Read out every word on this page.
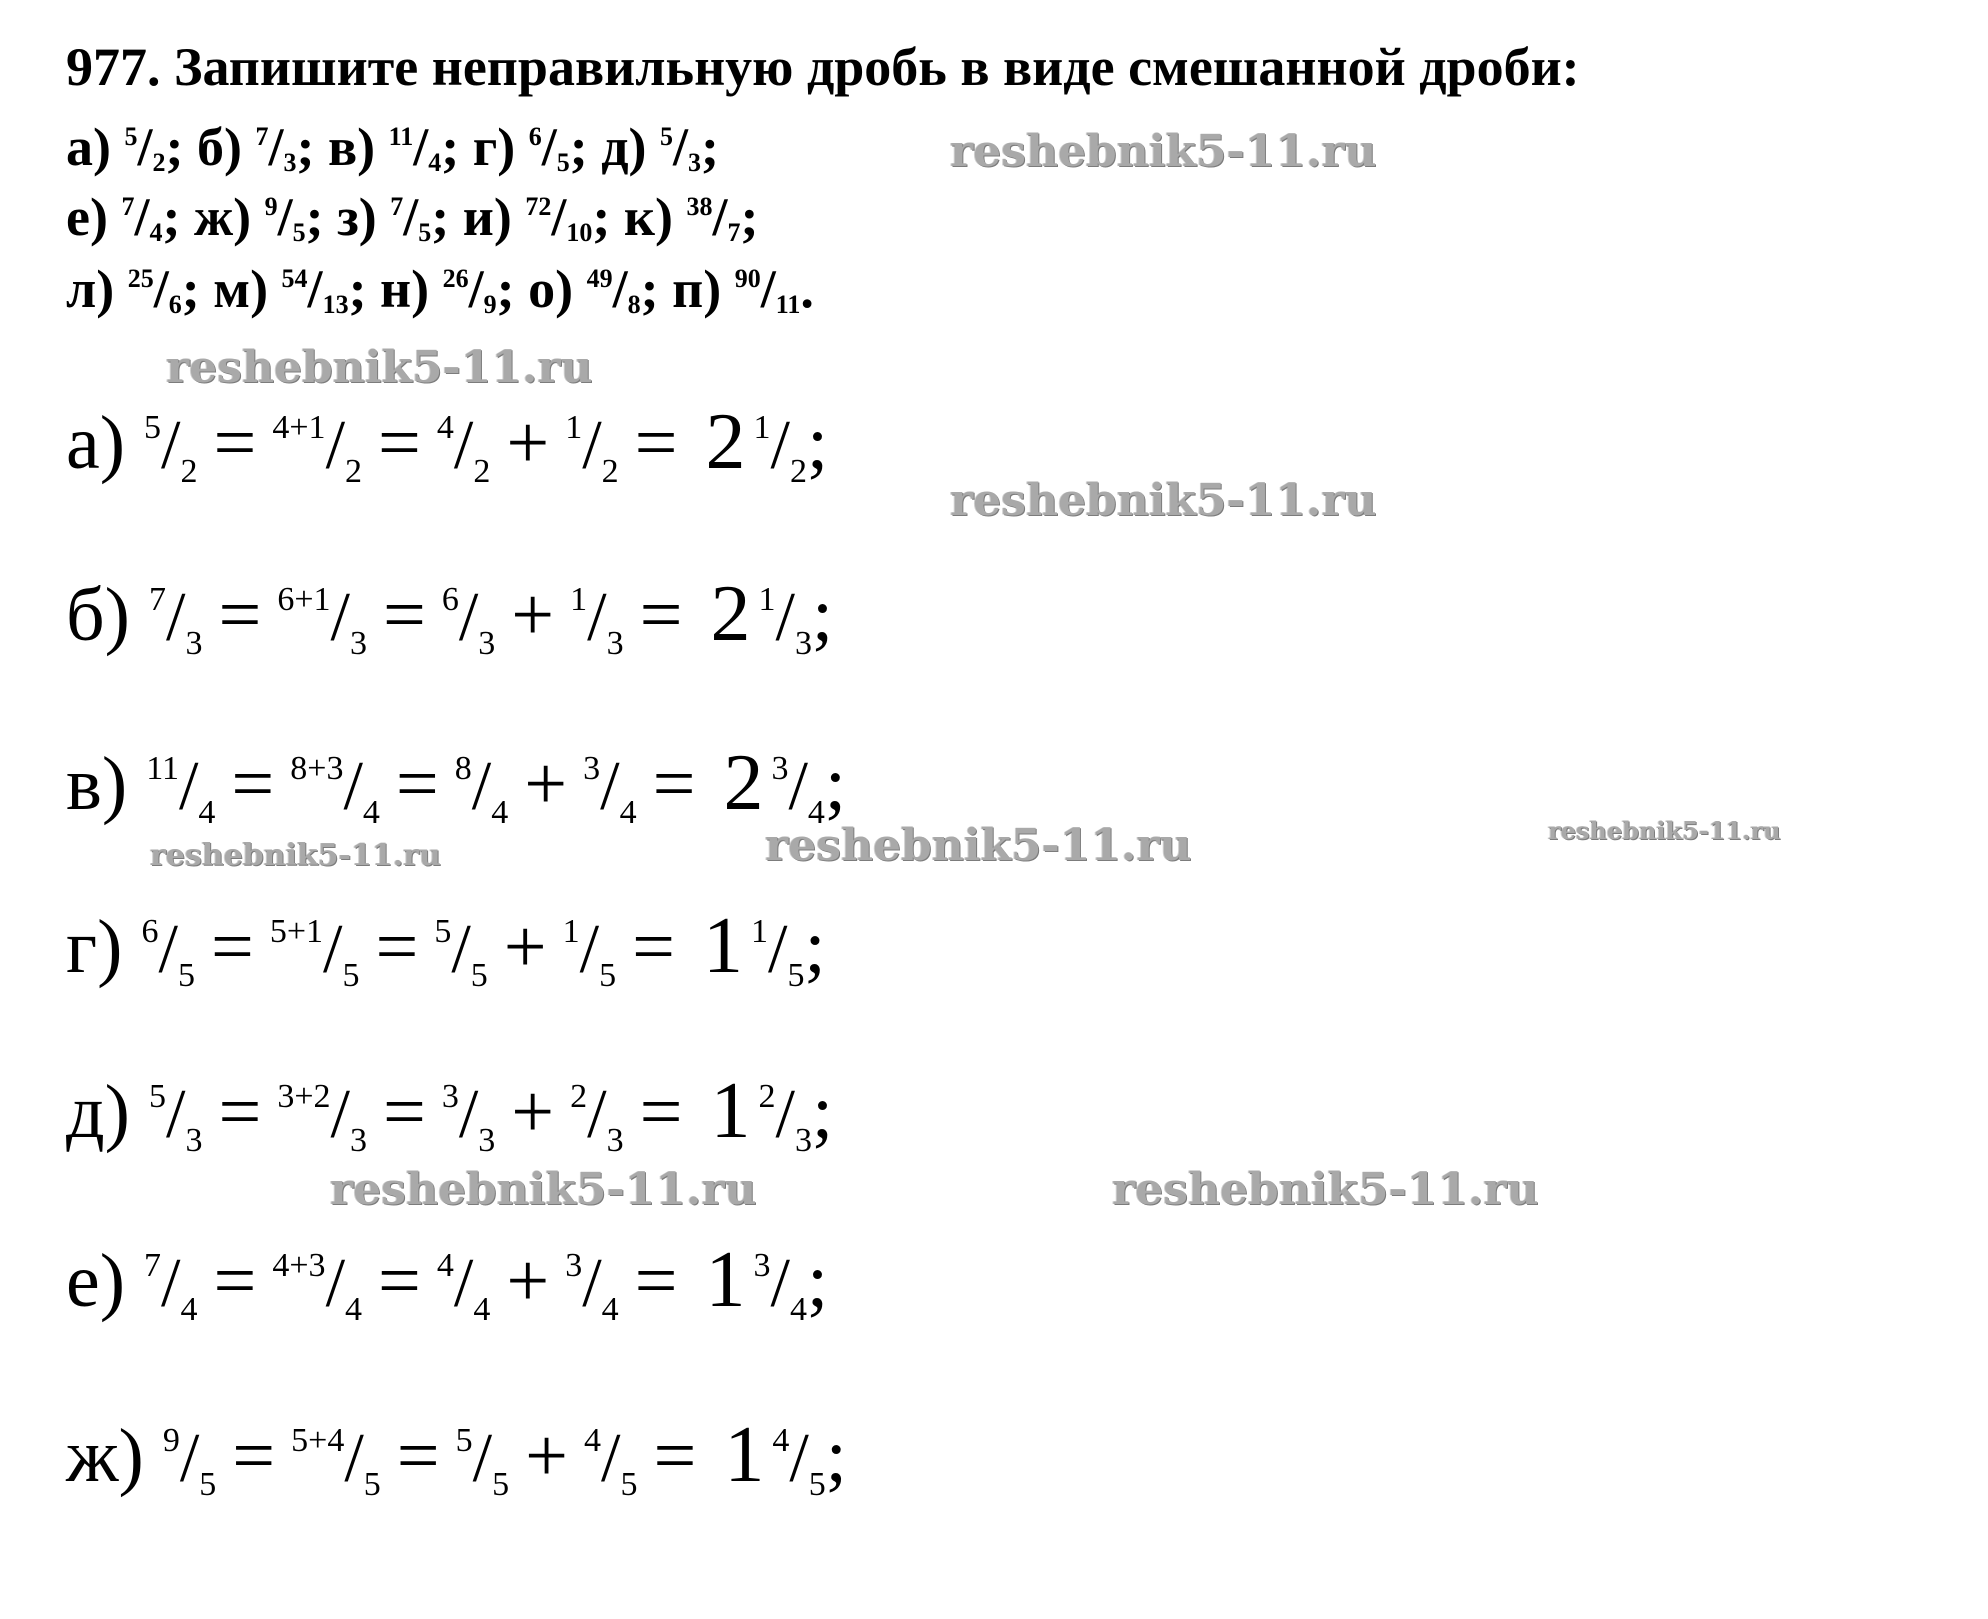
977. Запишите неправильную дробь в виде смешанной дроби:

а) $^5/_2$; б) $^7/_3$; в) $^{11}/_4$; г) $^6/_5$; д) $^5/_3$;

е) $^7/_4$; ж) $^9/_5$; з) $^7/_5$; и) $^{72}/_{10}$; к) $^{38}/_7$;

л) $^{25}/_6$; м) $^{54}/_{13}$; н) $^{26}/_9$; о) $^{49}/_8$; п) $^{90}/_{11}$.

а) $^5/_2 = ^{4+1}/_2 = ^4/_2 + ^1/_2 = 2$ $^1/_2$;

б) $^7/_3 = ^{6+1}/_3 = ^6/_3 + ^1/_3 = 2$ $^1/_3$;

в) $^{11}/_4 = ^{8+3}/_4 = ^8/_4 + ^3/_4 = 2$ $^3/_4$;

г) $^6/_5 = ^{5+1}/_5 = ^5/_5 + ^1/_5 = 1$ $^1/_5$;

д) $^5/_3 = ^{3+2}/_3 = ^3/_3 + ^2/_3 = 1$ $^2/_3$;

е) $^7/_4 = ^{4+3}/_4 = ^4/_4 + ^3/_4 = 1$ $^3/_4$;

ж) $^9/_5 = ^{5+4}/_5 = ^5/_5 + ^4/_5 = 1$ $^4/_5$;

reshebnik5-11.ru
reshebnik5-11.ru
reshebnik5-11.ru
reshebnik5-11.ru	reshebnik5-11.ru	reshebnik5-11.ru
reshebnik5-11.ru	reshebnik5-11.ru
